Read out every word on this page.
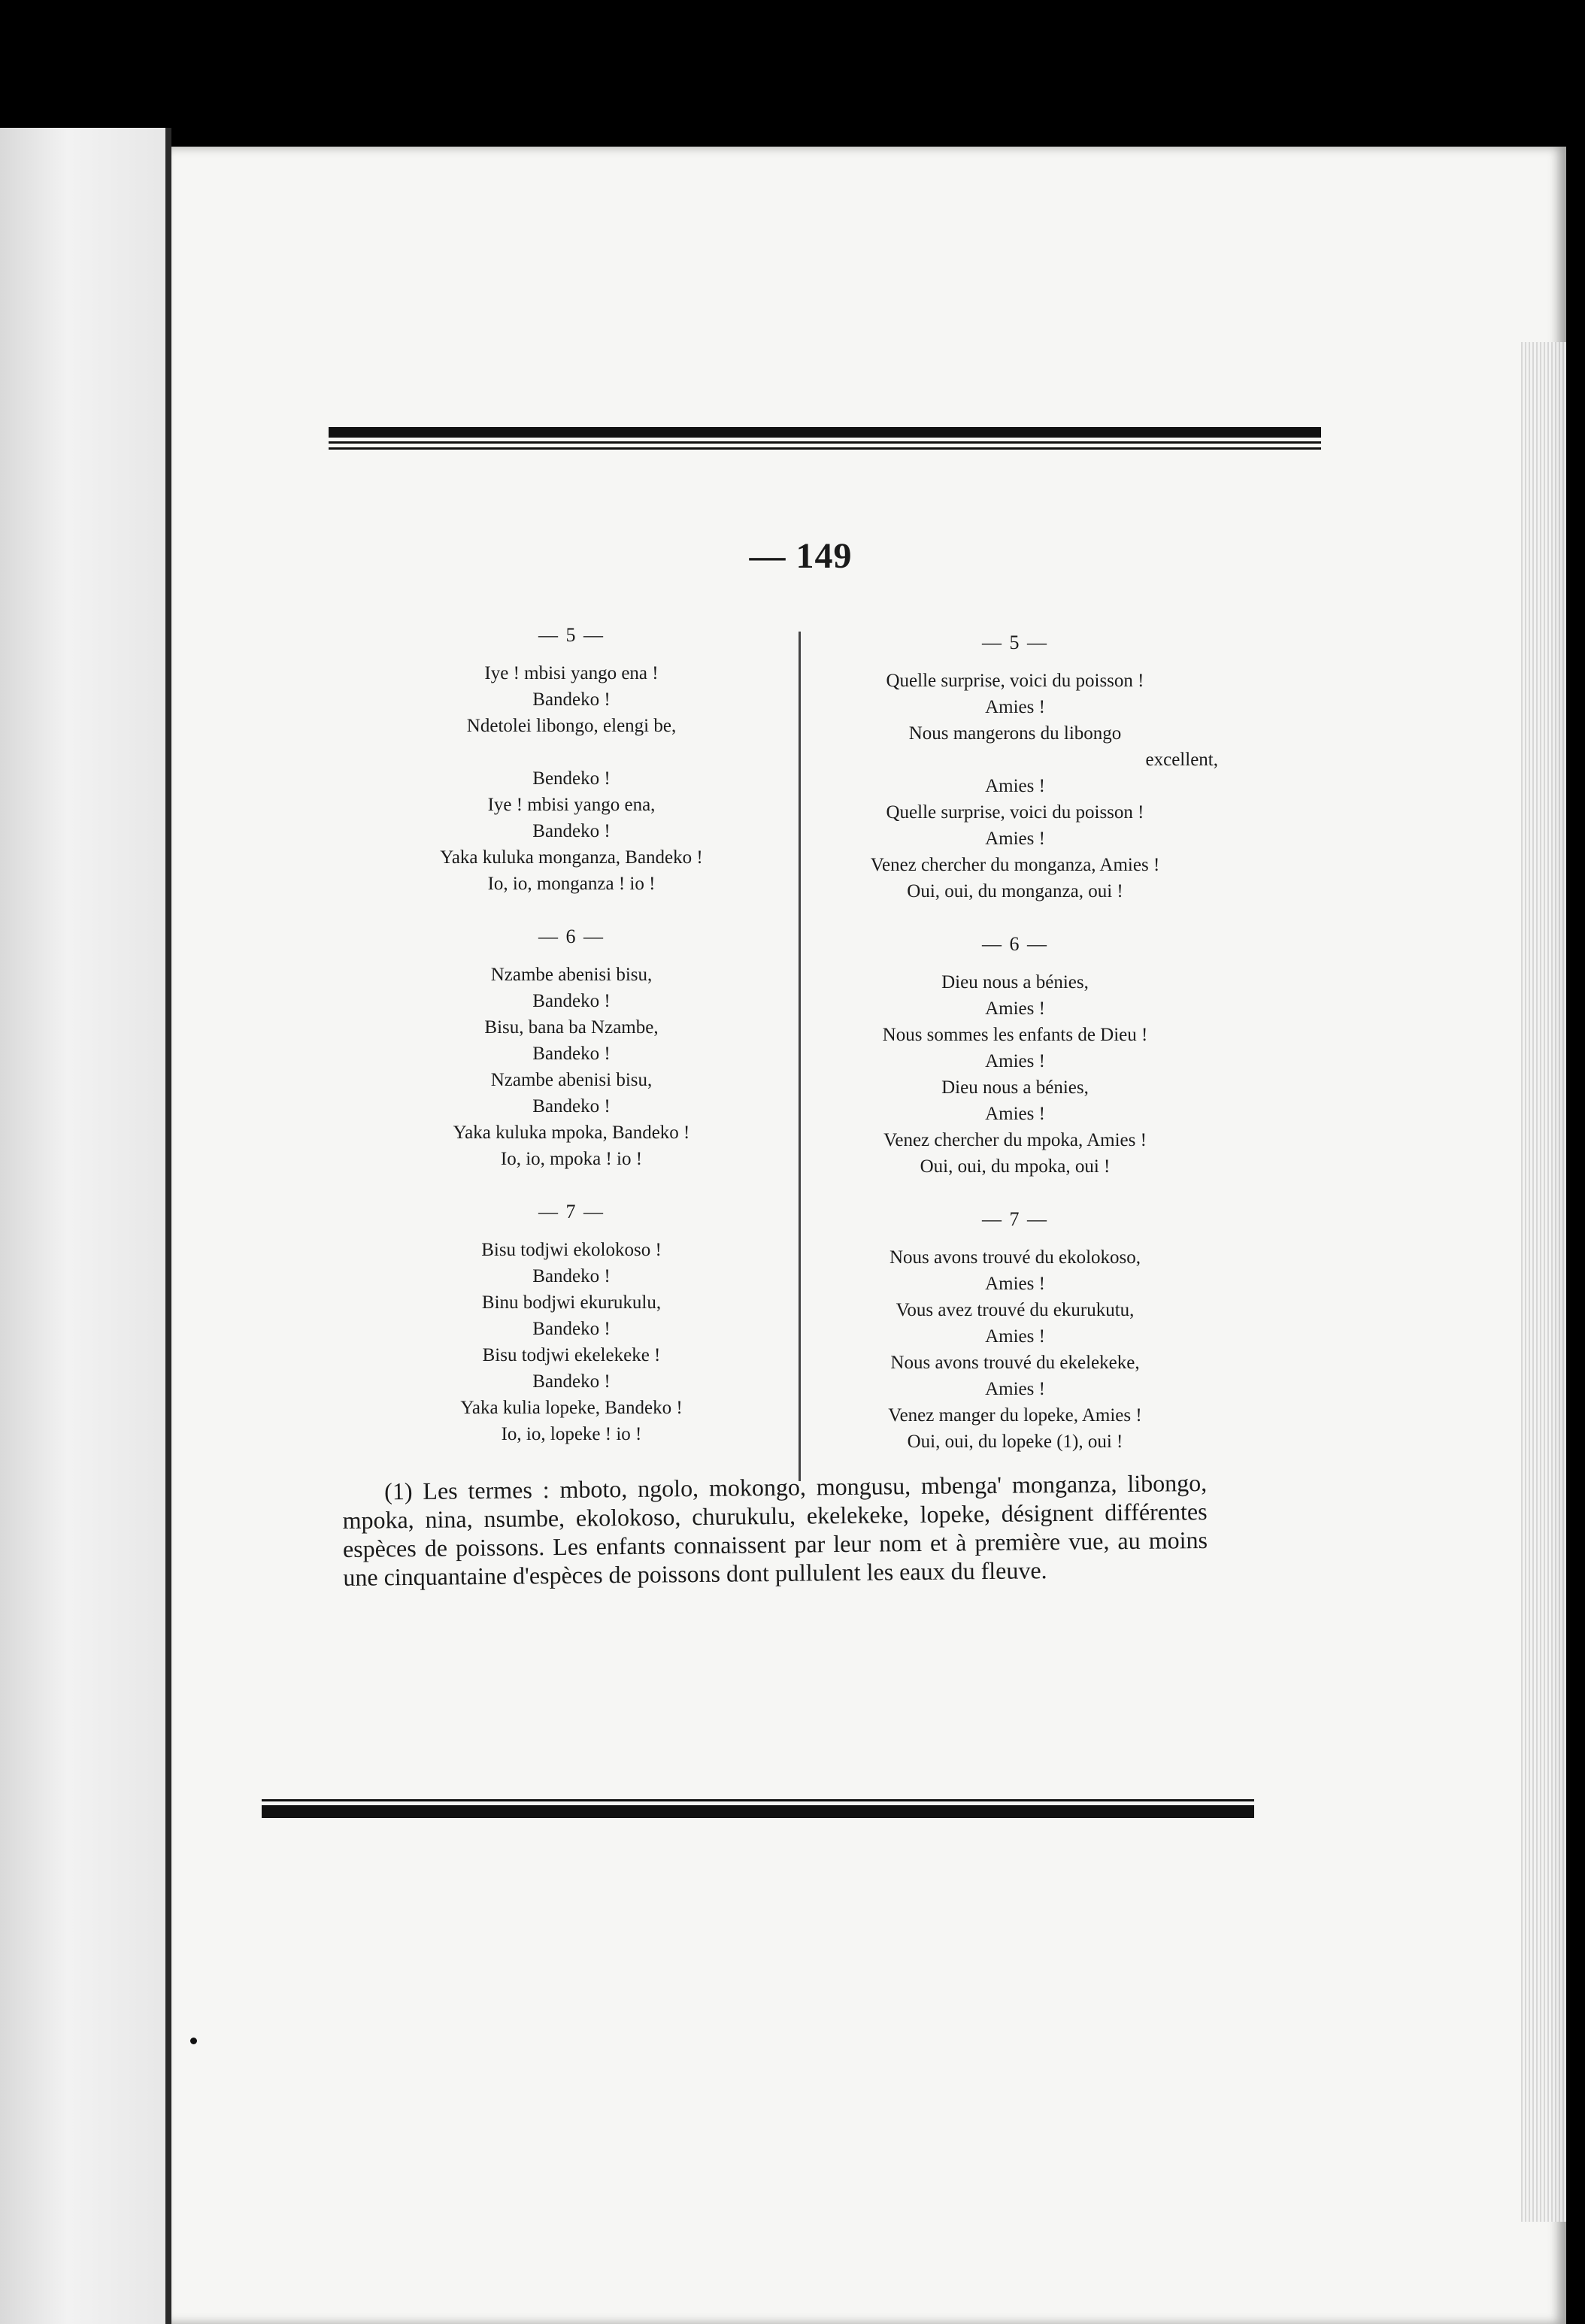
— 149
— 5 —
Iye ! mbisi yango ena !
Bandeko !
Ndetolei libongo, elengi be,

Bendeko !
Iye ! mbisi yango ena,
Bandeko !
Yaka kuluka monganza, Bandeko !
Io, io, monganza ! io !
— 6 —
Nzambe abenisi bisu,
Bandeko !
Bisu, bana ba Nzambe,
Bandeko !
Nzambe abenisi bisu,
Bandeko !
Yaka kuluka mpoka, Bandeko !
Io, io, mpoka ! io !
— 7 —
Bisu todjwi ekolokoso !
Bandeko !
Binu bodjwi ekurukulu,
Bandeko !
Bisu todjwi ekelekeke !
Bandeko !
Yaka kulia lopeke, Bandeko !
Io, io, lopeke ! io !
— 5 —
Quelle surprise, voici du poisson !
Amies !
Nous mangerons du libongo
excellent,
Amies !
Quelle surprise, voici du poisson !
Amies !
Venez chercher du monganza, Amies !
Oui, oui, du monganza, oui !
— 6 —
Dieu nous a bénies,
Amies !
Nous sommes les enfants de Dieu !
Amies !
Dieu nous a bénies,
Amies !
Venez chercher du mpoka, Amies !
Oui, oui, du mpoka, oui !
— 7 —
Nous avons trouvé du ekolokoso,
Amies !
Vous avez trouvé du ekurukutu,
Amies !
Nous avons trouvé du ekelekeke,
Amies !
Venez manger du lopeke, Amies !
Oui, oui, du lopeke (1), oui !
(1) Les termes : mboto, ngolo, mokongo, mongusu, mbenga' monganza, libongo, mpoka, nina, nsumbe, ekolokoso, churukulu, ekelekeke, lopeke, désignent différentes espèces de poissons. Les enfants connaissent par leur nom et à première vue, au moins une cinquantaine d'espèces de poissons dont pullulent les eaux du fleuve.
